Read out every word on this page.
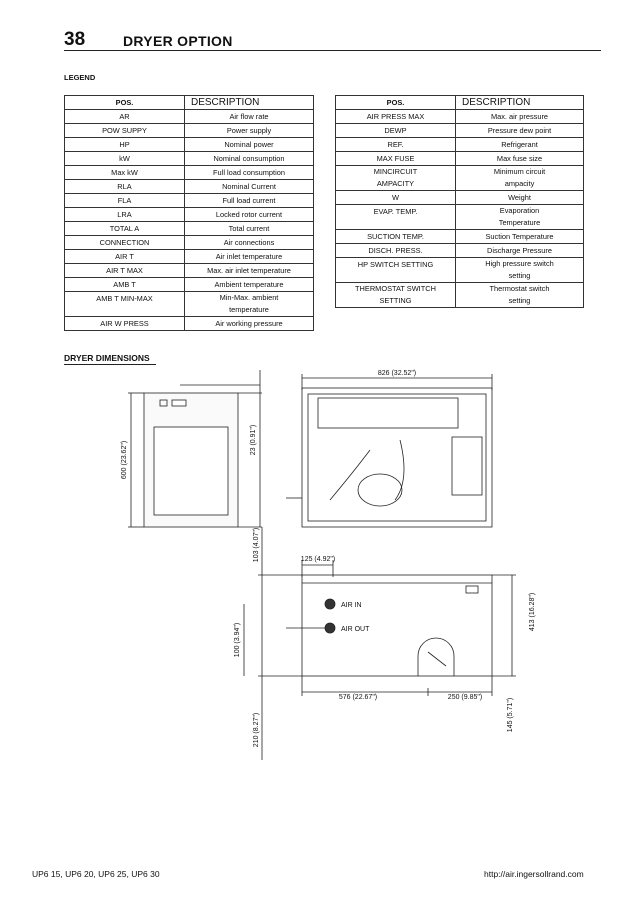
38	DRYER OPTION
LEGEND
POS.	DESCRIPTION
AR	Air flow rate
POW SUPPY	Power supply
HP	Nominal power
kW	Nominal consumption
Max kW	Full load consumption
RLA	Nominal Current
FLA	Full load current
LRA	Locked rotor current
TOTAL A	Total current
CONNECTION	Air connections
AIR T	Air inlet temperature
AIR T MAX	Max. air inlet temperature
AMB T	Ambient temperature
AMB T MIN-MAX	Min-Max. ambient
temperature
AIR W PRESS	Air working pressure
POS.	DESCRIPTION
AIR PRESS MAX	Max. air pressure
DEWP	Pressure dew point
REF.	Refrigerant
MAX FUSE	Max fuse size
MINCIRCUIT
AMPACITY	Minimum circuit
ampacity
W	Weight
EVAP. TEMP.	Evaporation
Temperature
SUCTION TEMP.	Suction Temperature
DISCH. PRESS.	Discharge Pressure
HP SWITCH SETTING	High pressure switch
setting
THERMOSTAT SWITCH
SETTING	Thermostat switch
setting
DRYER DIMENSIONS
600 (23.62")
23 (0.91")
826 (32.52")
103 (4.07")	125 (4.92")
100 (3.94")
413 (16.28")
576 (22.67")	250 (9.85")
210 (8.27")	145 (5.71")
AIR IN
AIR OUT
UP6 15, UP6 20, UP6 25, UP6 30	http://air.ingersollrand.com
